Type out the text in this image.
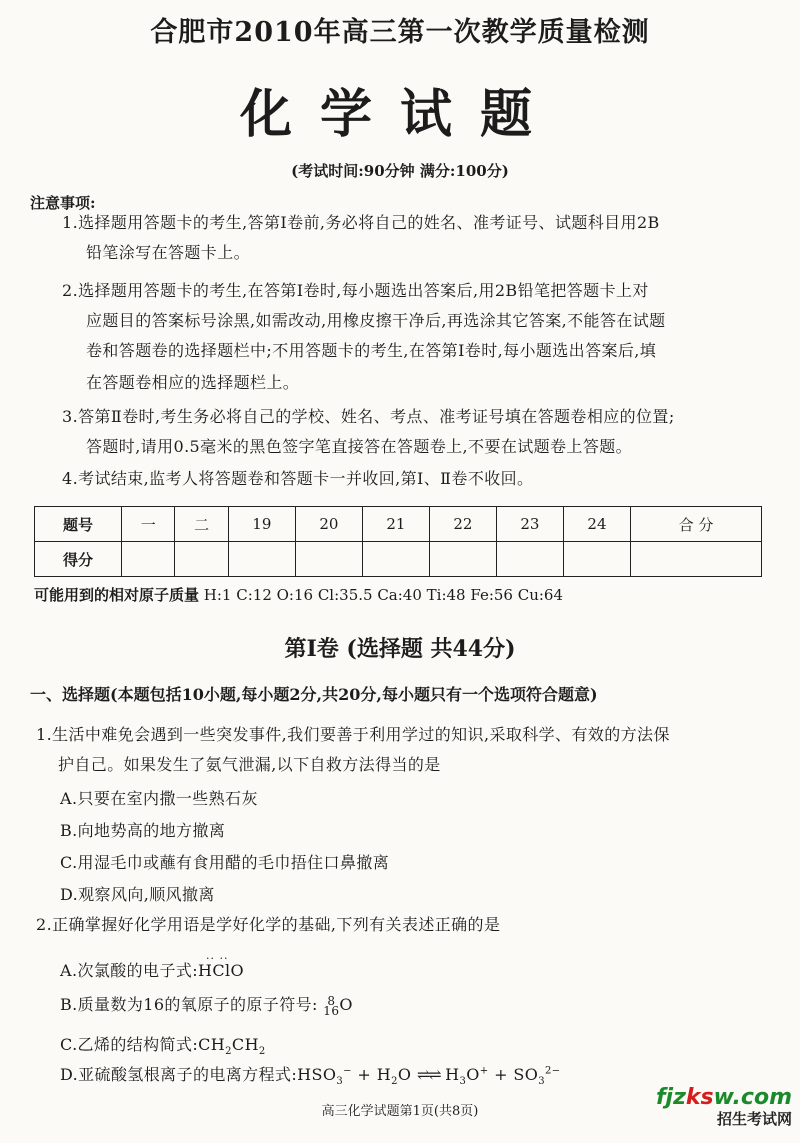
合肥市2010年高三第一次教学质量检测
化学试题
(考试时间:90分钟 满分:100分)
注意事项:
1.选择题用答题卡的考生,答第Ⅰ卷前,务必将自己的姓名、准考证号、试题科目用2B
铅笔涂写在答题卡上。
2.选择题用答题卡的考生,在答第Ⅰ卷时,每小题选出答案后,用2B铅笔把答题卡上对
应题目的答案标号涂黑,如需改动,用橡皮擦干净后,再选涂其它答案,不能答在试题
卷和答题卷的选择题栏中;不用答题卡的考生,在答第Ⅰ卷时,每小题选出答案后,填
在答题卷相应的选择题栏上。
3.答第Ⅱ卷时,考生务必将自己的学校、姓名、考点、准考证号填在答题卷相应的位置;
答题时,请用0.5毫米的黑色签字笔直接答在答题卷上,不要在试题卷上答题。
4.考试结束,监考人将答题卷和答题卡一并收回,第Ⅰ、Ⅱ卷不收回。
题号	一	二	19	20	21	22	23	24	合 分
得分									
可能用到的相对原子质量 H:1 C:12 O:16 Cl:35.5 Ca:40 Ti:48 Fe:56 Cu:64
第Ⅰ卷 (选择题 共44分)
一、选择题(本题包括10小题,每小题2分,共20分,每小题只有一个选项符合题意)
1.生活中难免会遇到一些突发事件,我们要善于利用学过的知识,采取科学、有效的方法保
护自己。如果发生了氨气泄漏,以下自救方法得当的是
A.只要在室内撒一些熟石灰
B.向地势高的地方撤离
C.用湿毛巾或蘸有食用醋的毛巾捂住口鼻撤离
D.观察风向,顺风撤离
2.正确掌握好化学用语是学好化学的基础,下列有关表述正确的是
A.次氯酸的电子式:·· ·· HClO
B.质量数为16的氧原子的原子符号: 8
16 O
C.乙烯的结构简式$:CH_2CH_2$
D.亚硫酸氢根离子的电离方程式$:HSO_3^- + H_2O$ ⇌⇌ $H_3O^+ + SO_3^{2-}$
高三化学试题第1页(共8页)
fjzksw.com
招生考试网
